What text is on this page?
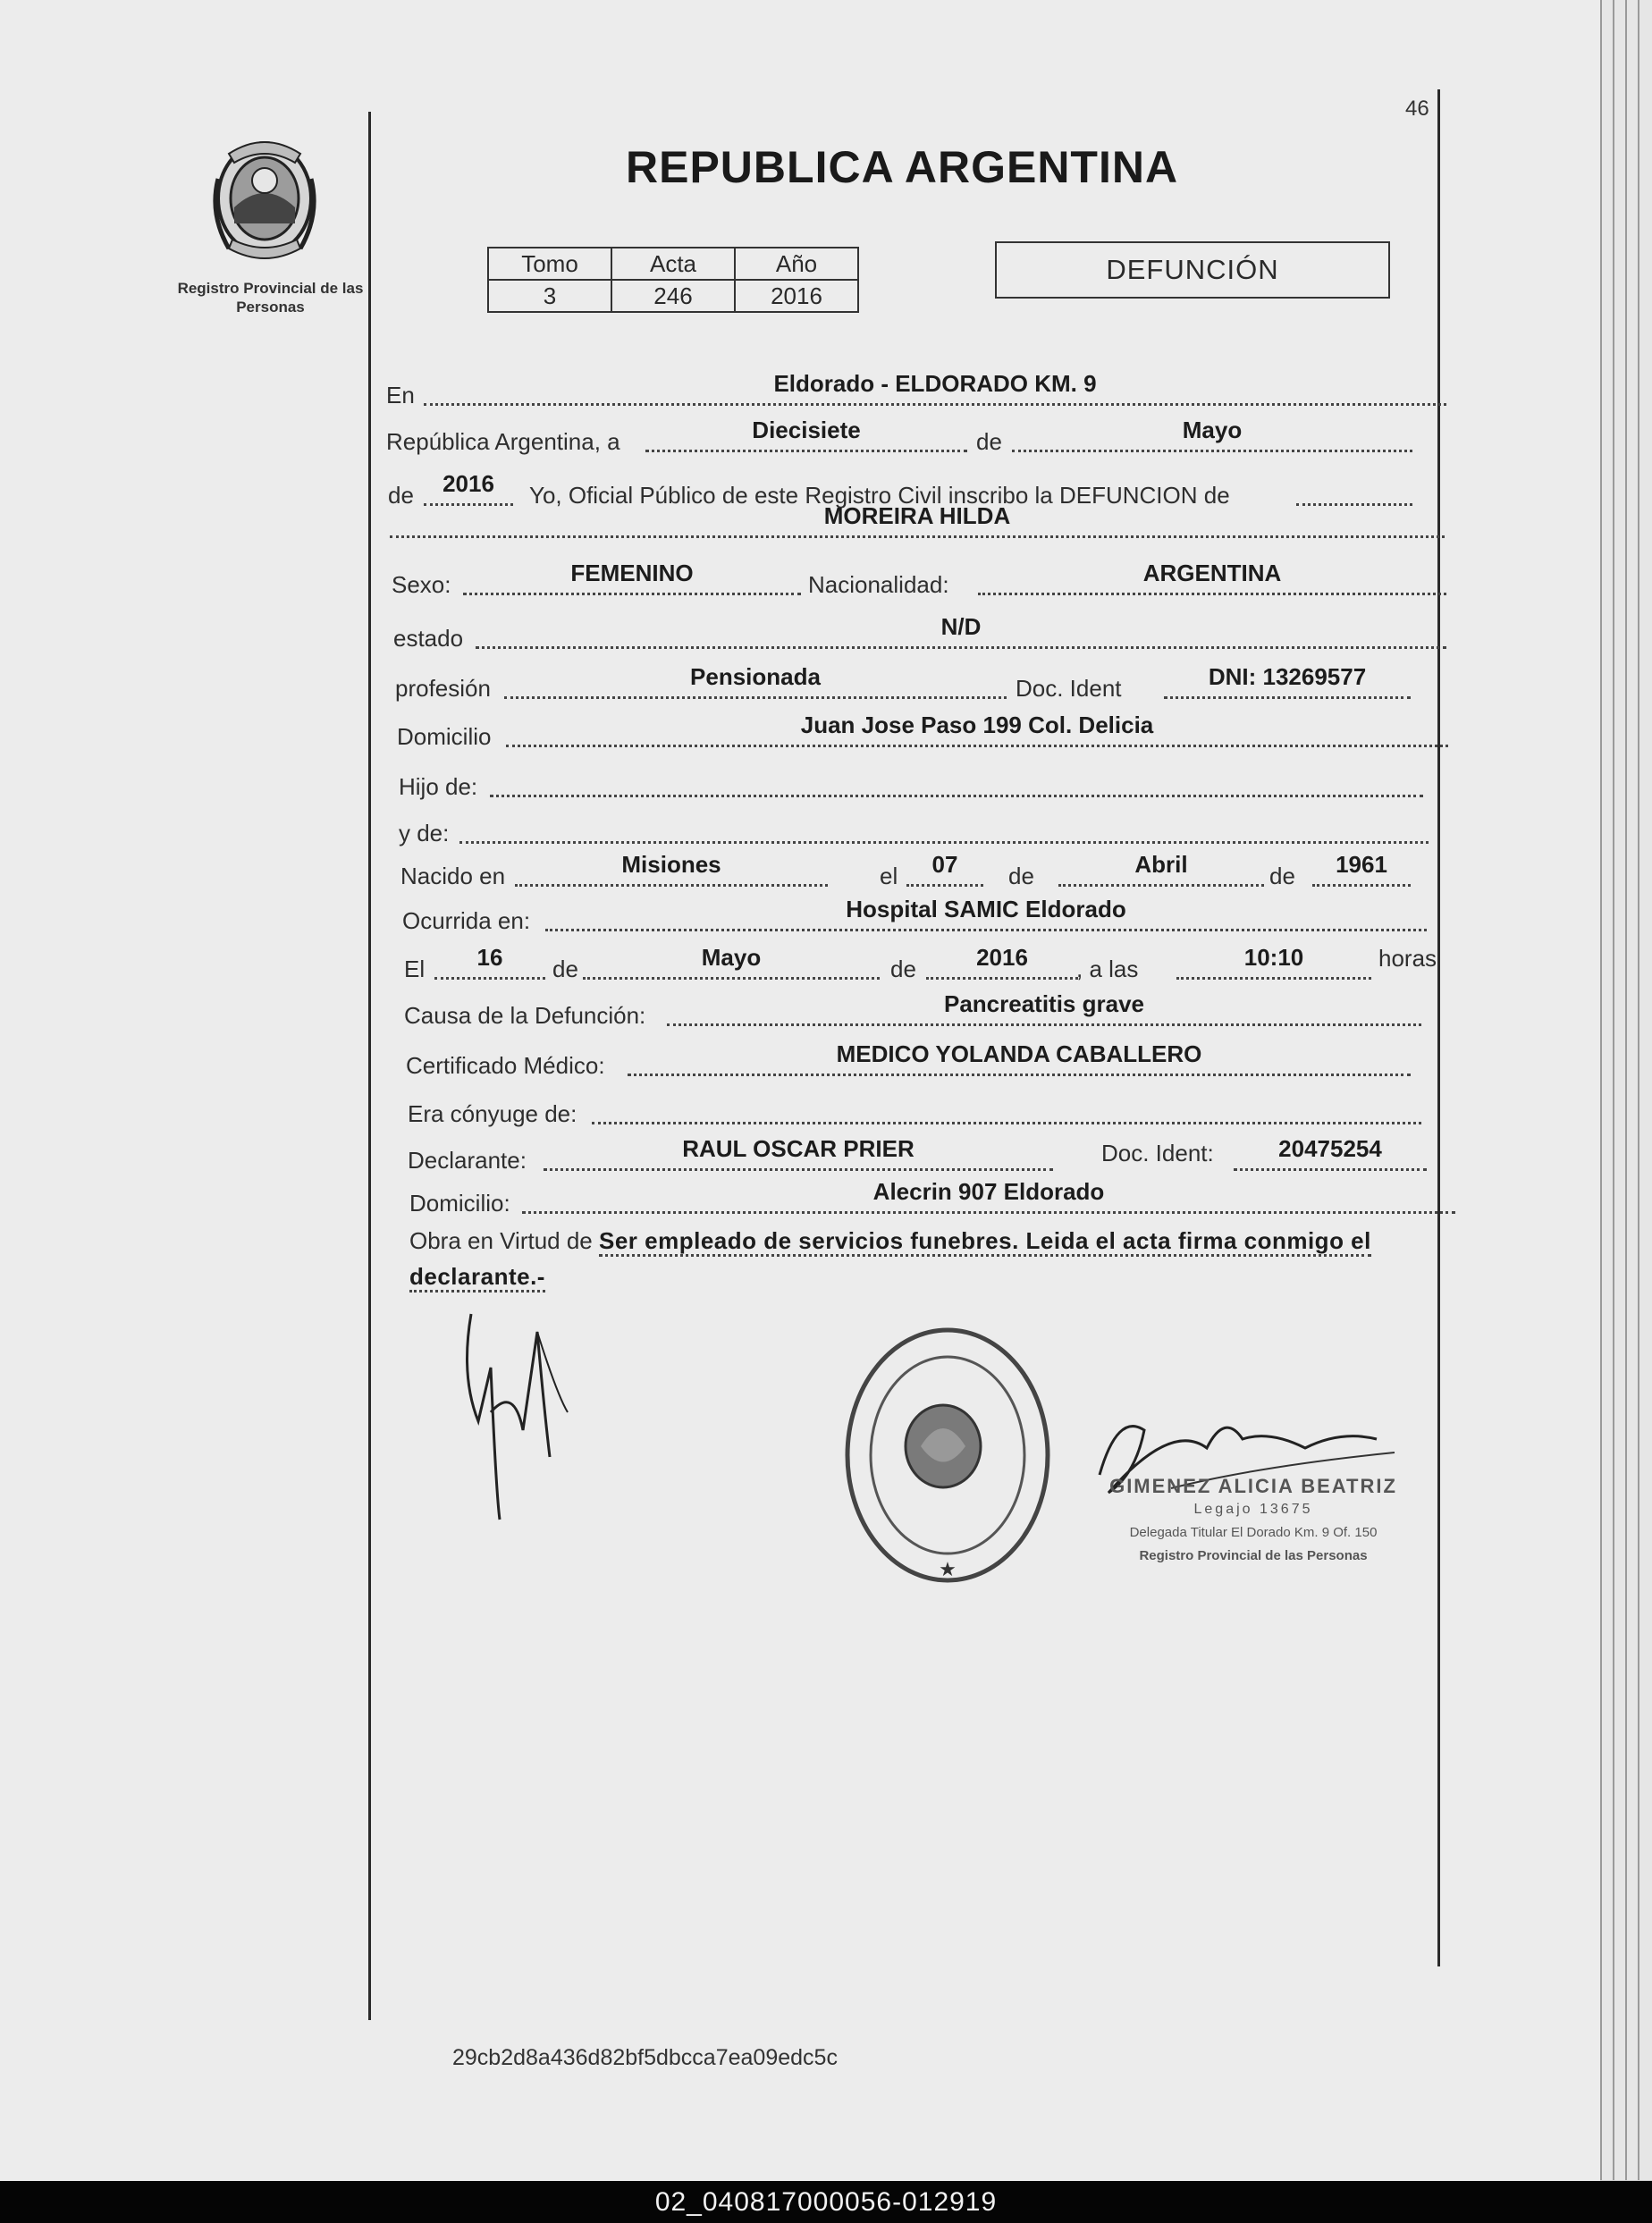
Registro Provincial de las Personas
46
REPUBLICA ARGENTINA
Tomo	Acta	Año
3	246	2016
DEFUNCIÓN
En	Eldorado - ELDORADO KM. 9
República Argentina, a	Diecisiete	de	Mayo
de	2016	Yo, Oficial Público de este Registro Civil inscribo la DEFUNCION de
MOREIRA HILDA
Sexo:	FEMENINO	Nacionalidad:	ARGENTINA
estado	N/D
profesión	Pensionada	Doc. Ident	DNI: 13269577
Domicilio	Juan Jose Paso 199 Col. Delicia
Hijo de:
y de:
Nacido en	Misiones	el	07	de	Abril	de	1961
Ocurrida en:	Hospital SAMIC Eldorado
El	16	de	Mayo	de	2016	, a las	10:10	horas
Causa de la Defunción:	Pancreatitis grave
Certificado Médico:	MEDICO YOLANDA CABALLERO
Era cónyuge de:
Declarante:	RAUL OSCAR PRIER	Doc. Ident:	20475254
Domicilio:	Alecrin 907 Eldorado
Obra en Virtud de Ser empleado de servicios funebres. Leida el acta firma conmigo el declarante.-
★
GIMENEZ ALICIA BEATRIZ
Legajo 13675
Delegada Titular El Dorado Km. 9 Of. 150
Registro Provincial de las Personas
29cb2d8a436d82bf5dbcca7ea09edc5c
02_040817000056-012919
